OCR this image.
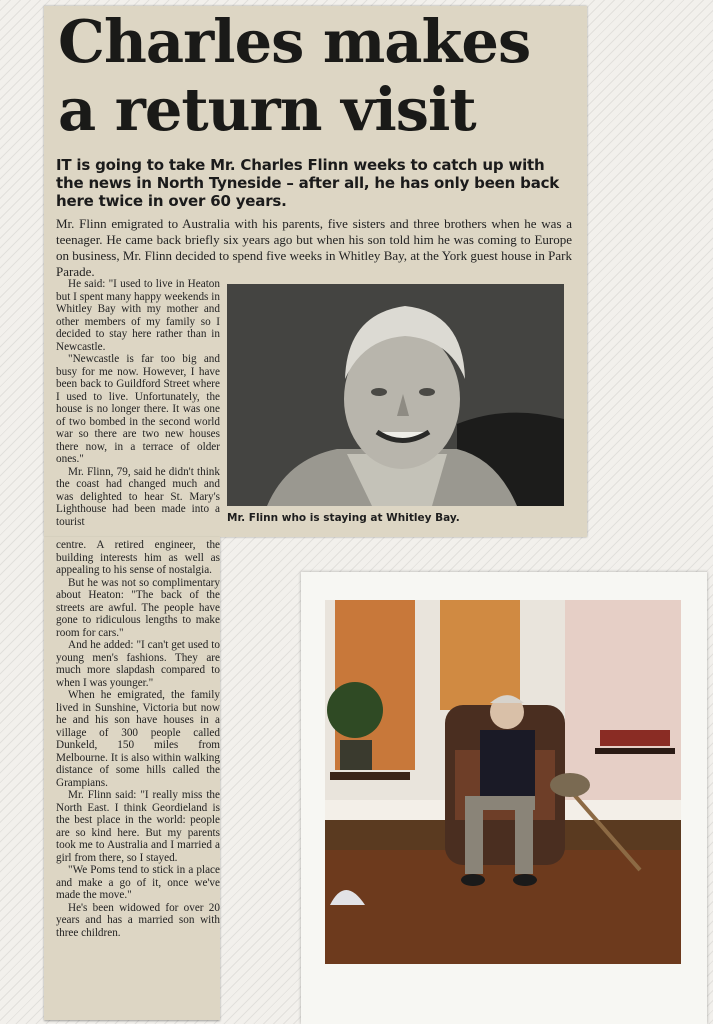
Charles makes a return visit

IT is going to take Mr. Charles Flinn weeks to catch up with the news in North Tyneside – after all, he has only been back here twice in over 60 years.

Mr. Flinn emigrated to Australia with his parents, five sisters and three brothers when he was a teenager. He came back briefly six years ago but when his son told him he was coming to Europe on business, Mr. Flinn decided to spend five weeks in Whitley Bay, at the York guest house in Park Parade.

He said: "I used to live in Heaton but I spent many happy weekends in Whitley Bay with my mother and other members of my family so I decided to stay here rather than in Newcastle.

"Newcastle is far too big and busy for me now. However, I have been back to Guildford Street where I used to live. Unfortunately, the house is no longer there. It was one of two bombed in the second world war so there are two new houses there now, in a terrace of older ones."

Mr. Flinn, 79, said he didn't think the coast had changed much and was delighted to hear St. Mary's Lighthouse had been made into a tourist	Mr. Flinn who is staying at Whitley Bay.

centre. A retired engineer, the building interests him as well as appealing to his sense of nostalgia.

But he was not so complimentary about Heaton: "The back of the streets are awful. The people have gone to ridiculous lengths to make room for cars."

And he added: "I can't get used to young men's fashions. They are much more slapdash compared to when I was younger."

When he emigrated, the family lived in Sunshine, Victoria but now he and his son have houses in a village of 300 people called Dunkeld, 150 miles from Melbourne. It is also within walking distance of some hills called the Grampians.

Mr. Flinn said: "I really miss the North East. I think Geordieland is the best place in the world: people are so kind here. But my parents took me to Australia and I married a girl from there, so I stayed.

"We Poms tend to stick in a place and make a go of it, once we've made the move."

He's been widowed for over 20 years and has a married son with three children.
